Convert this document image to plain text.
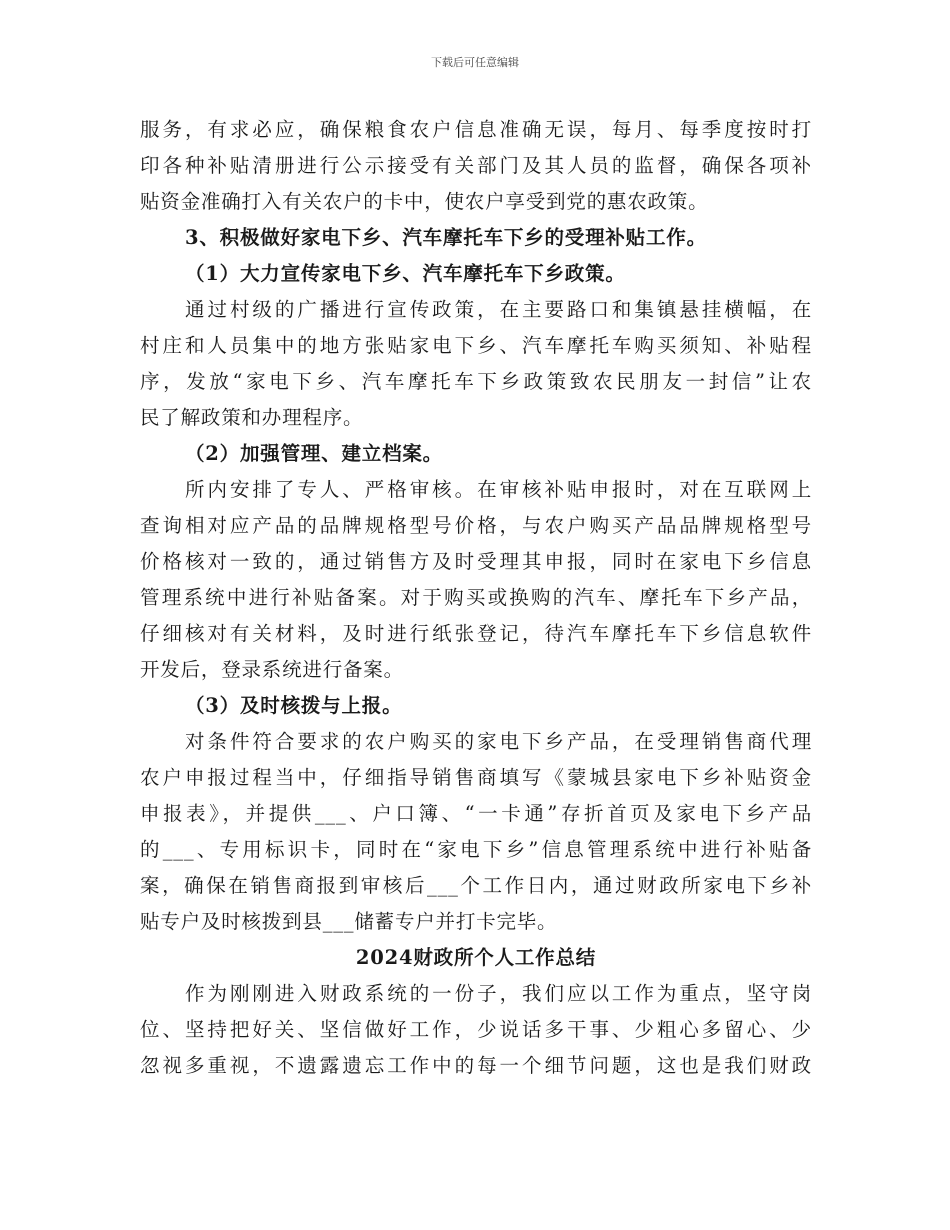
下载后可任意编辑
服务，有求必应，确保粮食农户信息准确无误，每月、每季度按时打
印各种补贴清册进行公示接受有关部门及其人员的监督，确保各项补
贴资金准确打入有关农户的卡中，使农户享受到党的惠农政策。
3、积极做好家电下乡、汽车摩托车下乡的受理补贴工作。
（1）大力宣传家电下乡、汽车摩托车下乡政策。
通过村级的广播进行宣传政策，在主要路口和集镇悬挂横幅，在
村庄和人员集中的地方张贴家电下乡、汽车摩托车购买须知、补贴程
序，发放“家电下乡、汽车摩托车下乡政策致农民朋友一封信”让农
民了解政策和办理程序。
（2）加强管理、建立档案。
所内安排了专人、严格审核。在审核补贴申报时，对在互联网上
查询相对应产品的品牌规格型号价格，与农户购买产品品牌规格型号
价格核对一致的，通过销售方及时受理其申报，同时在家电下乡信息
管理系统中进行补贴备案。对于购买或换购的汽车、摩托车下乡产品，
仔细核对有关材料，及时进行纸张登记，待汽车摩托车下乡信息软件
开发后，登录系统进行备案。
（3）及时核拨与上报。
对条件符合要求的农户购买的家电下乡产品，在受理销售商代理
农户申报过程当中，仔细指导销售商填写《蒙城县家电下乡补贴资金
申报表》，并提供___、户口簿、“一卡通”存折首页及家电下乡产品
的___、专用标识卡，同时在“家电下乡”信息管理系统中进行补贴备
案，确保在销售商报到审核后___个工作日内，通过财政所家电下乡补
贴专户及时核拨到县___储蓄专户并打卡完毕。
2024财政所个人工作总结
作为刚刚进入财政系统的一份子，我们应以工作为重点，坚守岗
位、坚持把好关、坚信做好工作，少说话多干事、少粗心多留心、少
忽视多重视，不遗露遗忘工作中的每一个细节问题，这也是我们财政
